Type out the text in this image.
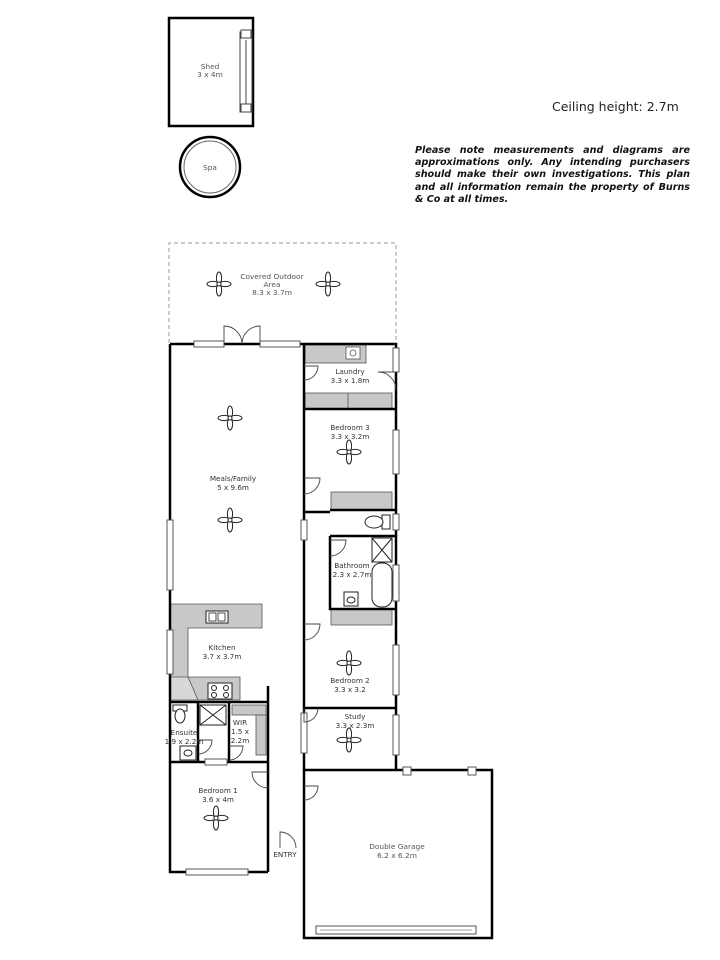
Ceiling height: 2.7m
Please note measurements and diagrams are approximations only. Any intending purchasers should make their own investigations. This plan and all information remain the property of Burns & Co at all times.
Shed
3 x 4m
Spa
Covered Outdoor
Area
8.3 x 3.7m
Laundry
3.3 x 1.8m
Bedroom 3
3.3 x 3.2m
Meals/Family
5 x 9.6m
Bathroom
2.3 x 2.7m
Kitchen
3.7 x 3.7m
Bedroom 2
3.3 x 3.2
Study
3.3 x 2.3m
Ensuite
1.9 x 2.2m
WIR
1.5 x
2.2m
Bedroom 1
3.6 x 4m
Double Garage
6.2 x 6.2m
ENTRY
